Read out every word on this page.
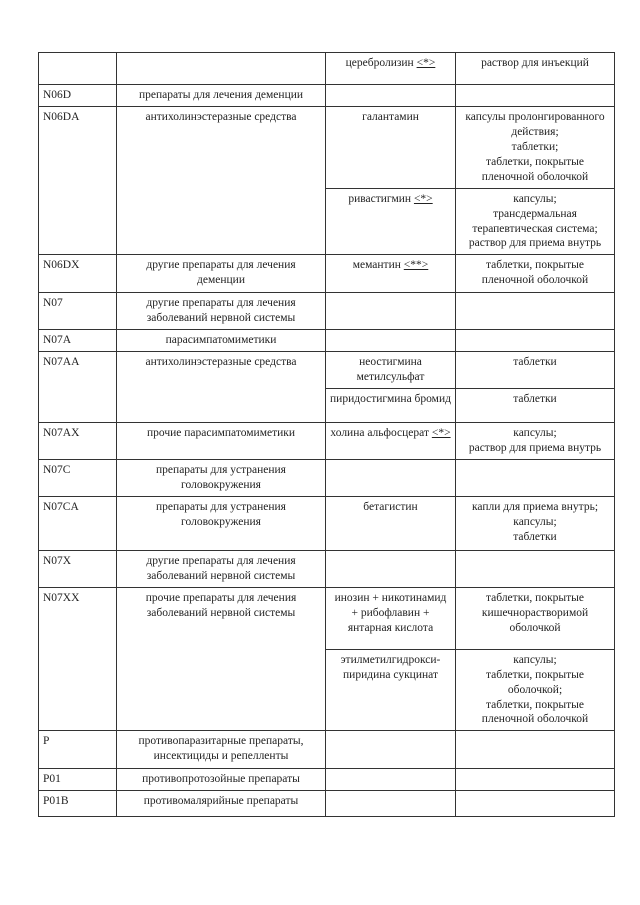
		церебролизин <*>	раствор для инъекций

N06D	препараты для лечения деменции		
N06DA	антихолинэстеразные средства	галантамин	капсулы пролонгированного действия;
таблетки;
таблетки, покрытые пленочной оболочкой

		ривастигмин <*>	капсулы;
трансдермальная терапевтическая система;
раствор для приема внутрь

N06DX	другие препараты для лечения деменции	мемантин <**>	таблетки, покрытые пленочной оболочкой

N07	другие препараты для лечения заболеваний нервной системы		
N07A	парасимпатомиметики		
N07AA	антихолинэстеразные средства	неостигмина метилсульфат	таблетки

		пиридостигмина бромид	таблетки

N07AX	прочие парасимпатомиметики	холина альфосцерат <*>	капсулы;
раствор для приема внутрь

N07C	препараты для устранения головокружения		
N07CA	препараты для устранения головокружения	бетагистин	капли для приема внутрь;
капсулы;
таблетки

N07X	другие препараты для лечения заболеваний нервной системы		
N07XX	прочие препараты для лечения заболеваний нервной системы	инозин + никотинамид + рибофлавин + янтарная кислота	таблетки, покрытые кишечнорастворимой оболочкой

		этилметилгидрокси-пиридина сукцинат	капсулы;
таблетки, покрытые оболочкой;
таблетки, покрытые пленочной оболочкой

P	противопаразитарные препараты, инсектициды и репелленты		
P01	противопротозойные препараты		
P01B	противомалярийные препараты		
